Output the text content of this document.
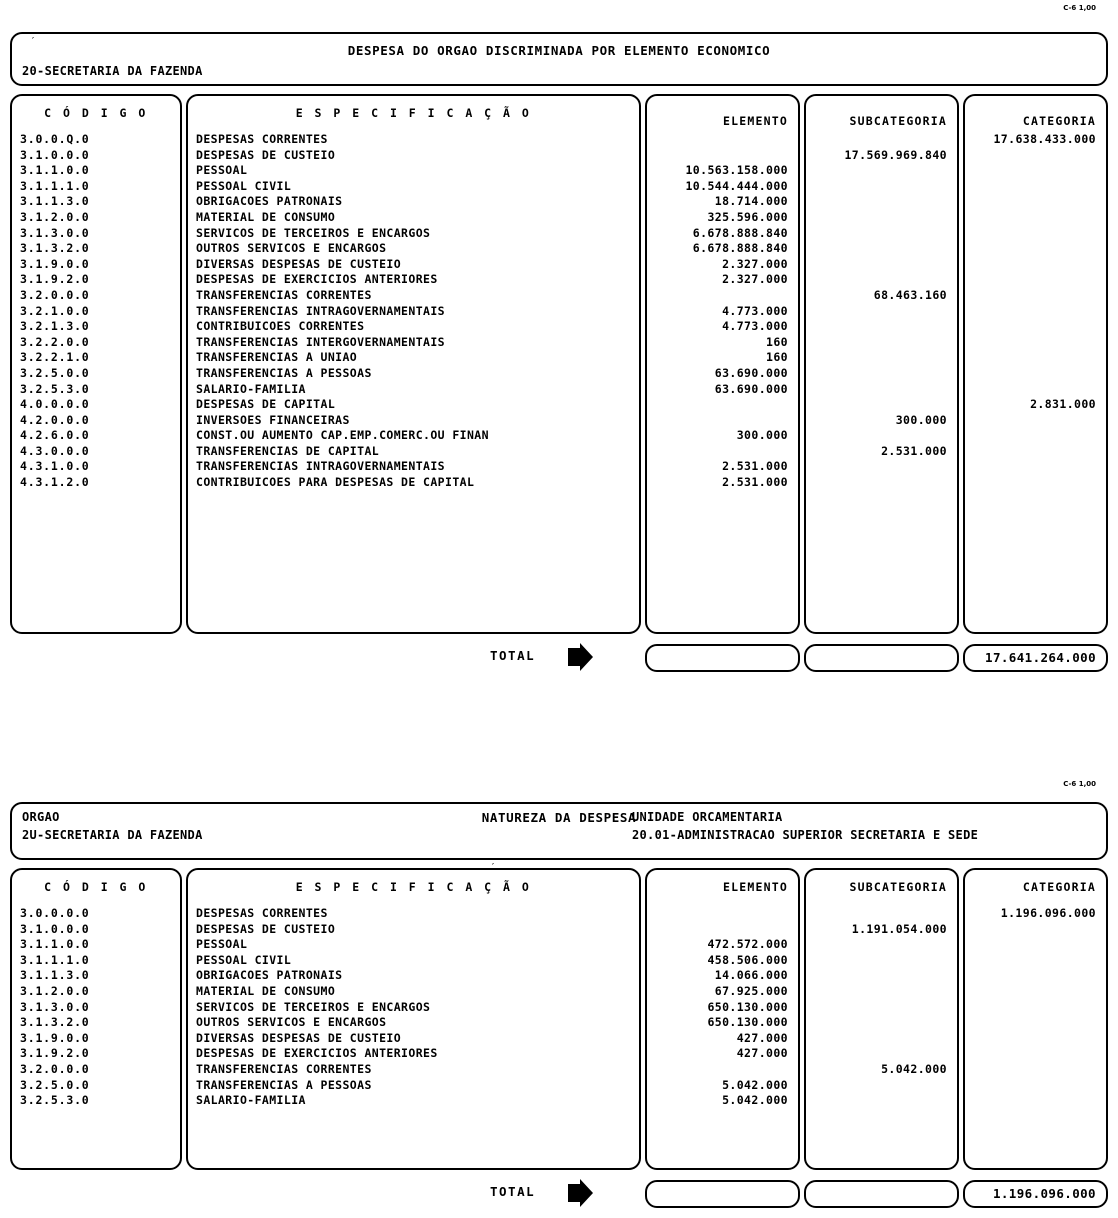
C-6 1,00
′
DESPESA DO ORGAO DISCRIMINADA POR ELEMENTO ECONOMICO
20-SECRETARIA DA FAZENDA
C Ó D I G O
3.0.0.Q.0
3.1.0.0.0
3.1.1.0.0
3.1.1.1.0
3.1.1.3.0
3.1.2.0.0
3.1.3.0.0
3.1.3.2.0
3.1.9.0.0
3.1.9.2.0
3.2.0.0.0
3.2.1.0.0
3.2.1.3.0
3.2.2.0.0
3.2.2.1.0
3.2.5.0.0
3.2.5.3.0
4.0.0.0.0
4.2.0.0.0
4.2.6.0.0
4.3.0.0.0
4.3.1.0.0
4.3.1.2.0
E S P E C I F I C A Ç Ã O
DESPESAS CORRENTES
DESPESAS DE CUSTEIO
PESSOAL
PESSOAL CIVIL
OBRIGACOES PATRONAIS
MATERIAL DE CONSUMO
SERVICOS DE TERCEIROS E ENCARGOS
OUTROS SERVICOS E ENCARGOS
DIVERSAS DESPESAS DE CUSTEIO
DESPESAS DE EXERCICIOS ANTERIORES
TRANSFERENCIAS CORRENTES
TRANSFERENCIAS INTRAGOVERNAMENTAIS
CONTRIBUICOES CORRENTES
TRANSFERENCIAS INTERGOVERNAMENTAIS
TRANSFERENCIAS A UNIAO
TRANSFERENCIAS A PESSOAS
SALARIO-FAMILIA
DESPESAS DE CAPITAL
INVERSOES FINANCEIRAS
CONST.OU AUMENTO CAP.EMP.COMERC.OU FINAN
TRANSFERENCIAS DE CAPITAL
TRANSFERENCIAS INTRAGOVERNAMENTAIS
CONTRIBUICOES PARA DESPESAS DE CAPITAL
ELEMENTO

10.563.158.000
10.544.444.000
18.714.000
325.596.000
6.678.888.840
6.678.888.840
2.327.000
2.327.000

4.773.000
4.773.000
160
160
63.690.000
63.690.000

300.000

2.531.000
2.531.000
SUBCATEGORIA

17.569.969.840

68.463.160

300.000

2.531.000

CATEGORIA
17.638.433.000

2.831.000

TOTAL	17.641.264.000
C-6 1,00
NATUREZA DA DESPESA
ORGAO
2U-SECRETARIA DA FAZENDA
UNIDADE ORCAMENTARIA
20.01-ADMINISTRACAO SUPERIOR SECRETARIA E SEDE
C Ó D I G O
3.0.0.0.0
3.1.0.0.0
3.1.1.0.0
3.1.1.1.0
3.1.1.3.0
3.1.2.0.0
3.1.3.0.0
3.1.3.2.0
3.1.9.0.0
3.1.9.2.0
3.2.0.0.0
3.2.5.0.0
3.2.5.3.0
E S P E C I F I C A Ç Ã O
DESPESAS CORRENTES
DESPESAS DE CUSTEIO
PESSOAL
PESSOAL CIVIL
OBRIGACOES PATRONAIS
MATERIAL DE CONSUMO
SERVICOS DE TERCEIROS E ENCARGOS
OUTROS SERVICOS E ENCARGOS
DIVERSAS DESPESAS DE CUSTEIO
DESPESAS DE EXERCICIOS ANTERIORES
TRANSFERENCIAS CORRENTES
TRANSFERENCIAS A PESSOAS
SALARIO-FAMILIA
ELEMENTO

472.572.000
458.506.000
14.066.000
67.925.000
650.130.000
650.130.000
427.000
427.000

5.042.000
5.042.000
SUBCATEGORIA

1.191.054.000

5.042.000

CATEGORIA
1.196.096.000

TOTAL	1.196.096.000
